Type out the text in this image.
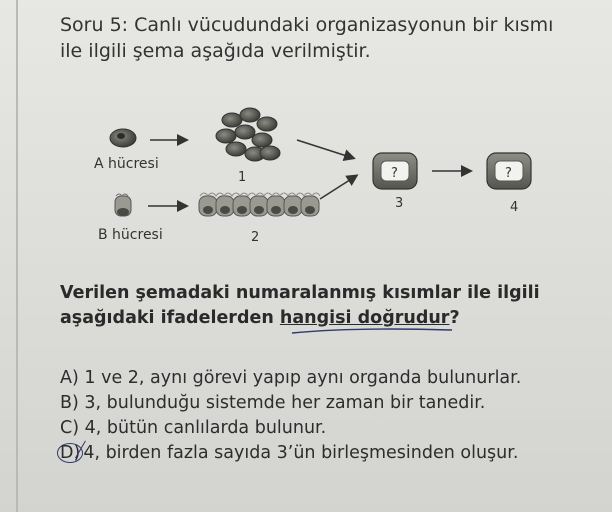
Soru 5: Canlı vücudundaki organizasyonun bir kısmı ile ilgili şema aşağıda verilmiştir.
A hücresi
1
B hücresi	2
?
3
?
4
Verilen şemadaki numaralanmış kısımlar ile ilgili aşağıdaki ifadelerden hangisi doğrudur?
A) 1 ve 2, aynı görevi yapıp aynı organda bulunurlar.
B) 3, bulunduğu sistemde her zaman bir tanedir.
C) 4, bütün canlılarda bulunur.
D) 4, birden fazla sayıda 3’ün birleşmesinden oluşur.
